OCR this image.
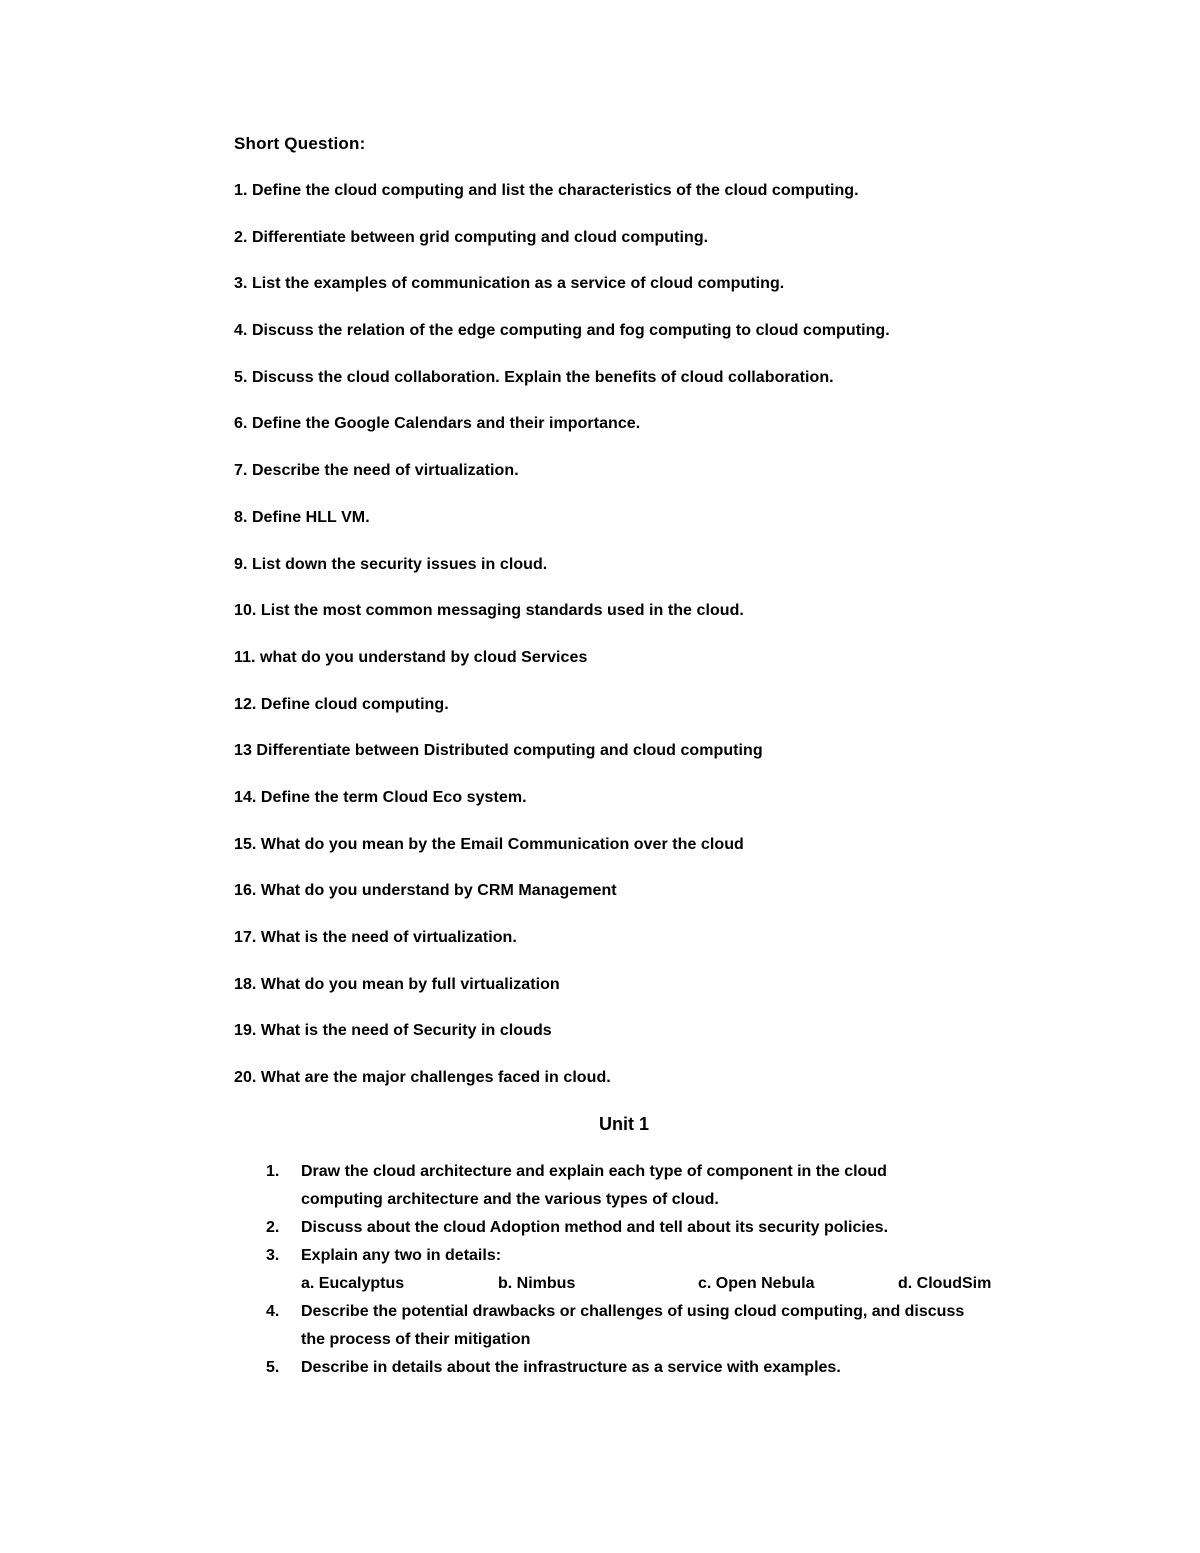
Short Question:
1. Define the cloud computing and list the characteristics of the cloud computing.
2. Differentiate between grid computing and cloud computing.
3. List the examples of communication as a service of cloud computing.
4. Discuss the relation of the edge computing and fog computing to cloud computing.
5. Discuss the cloud collaboration. Explain the benefits of cloud collaboration.
6. Define the Google Calendars and their importance.
7. Describe the need of virtualization.
8. Define HLL VM.
9. List down the security issues in cloud.
10. List the most common messaging standards used in the cloud.
11. what do you understand by cloud Services
12. Define cloud computing.
13 Differentiate between Distributed computing and cloud computing
14. Define the term Cloud Eco system.
15. What do you mean by the Email Communication over the cloud
16. What do you understand by CRM Management
17. What is the need of virtualization.
18. What do you mean by full virtualization
19. What is the need of Security in clouds
20. What are the major challenges faced in cloud.
Unit 1
1. Draw the cloud architecture and explain each type of component in the cloud
computing architecture and the various types of cloud.
2. Discuss about the cloud Adoption method and tell about its security policies.
3. Explain any two in details:
a. Eucalyptus	b. Nimbus	c. Open Nebula	d. CloudSim
4. Describe the potential drawbacks or challenges of using cloud computing, and discuss
the process of their mitigation
5. Describe in details about the infrastructure as a service with examples.
